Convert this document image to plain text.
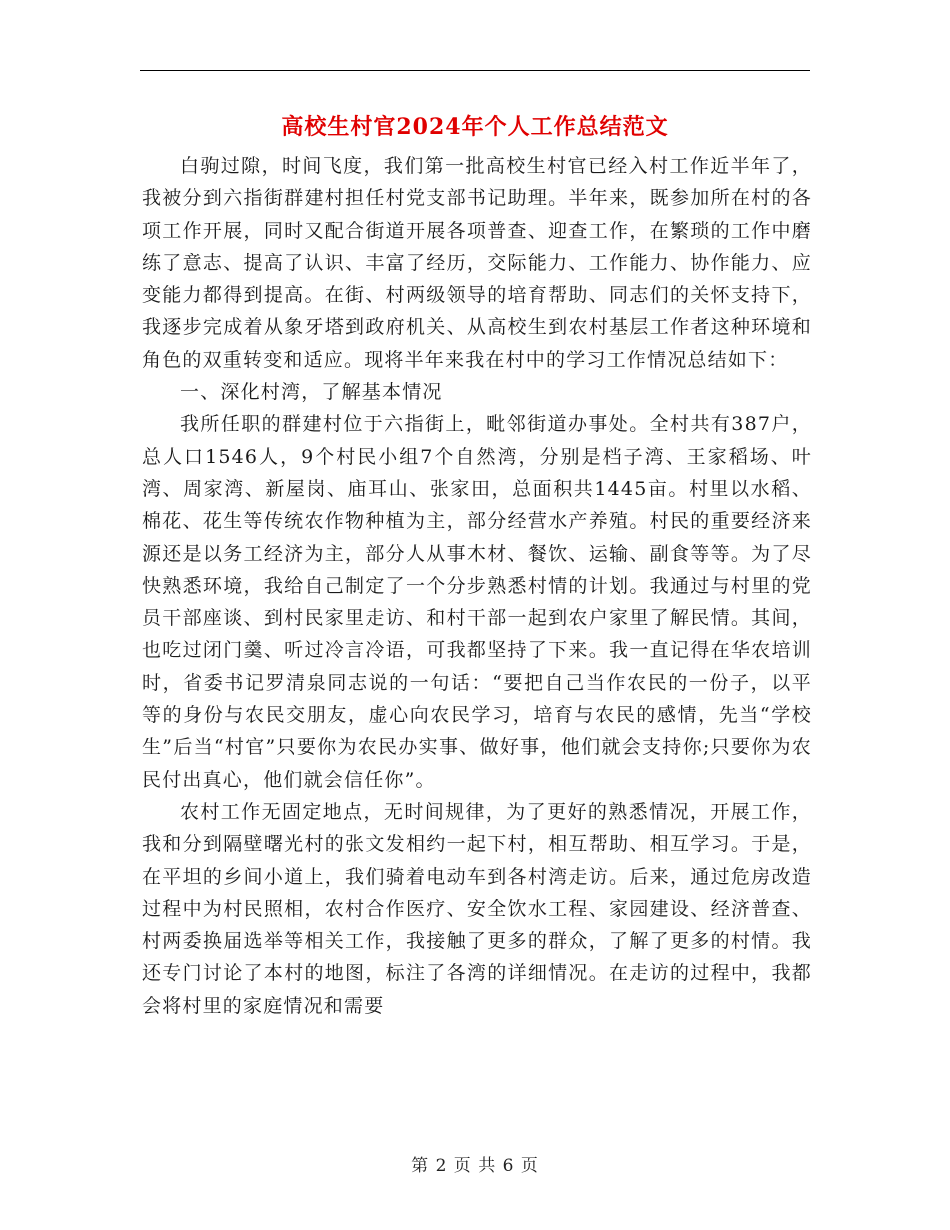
高校生村官2024年个人工作总结范文

白驹过隙，时间飞度，我们第一批高校生村官已经入村工作近半年了，我被分到六指街群建村担任村党支部书记助理。半年来，既参加所在村的各项工作开展，同时又配合街道开展各项普查、迎查工作，在繁琐的工作中磨练了意志、提高了认识、丰富了经历，交际能力、工作能力、协作能力、应变能力都得到提高。在街、村两级领导的培育帮助、同志们的关怀支持下，我逐步完成着从象牙塔到政府机关、从高校生到农村基层工作者这种环境和角色的双重转变和适应。现将半年来我在村中的学习工作情况总结如下：

一、深化村湾，了解基本情况

我所任职的群建村位于六指街上，毗邻街道办事处。全村共有387户，总人口1546人，9个村民小组7个自然湾，分别是档子湾、王家稻场、叶湾、周家湾、新屋岗、庙耳山、张家田，总面积共1445亩。村里以水稻、棉花、花生等传统农作物种植为主，部分经营水产养殖。村民的重要经济来源还是以务工经济为主，部分人从事木材、餐饮、运输、副食等等。为了尽快熟悉环境，我给自己制定了一个分步熟悉村情的计划。我通过与村里的党员干部座谈、到村民家里走访、和村干部一起到农户家里了解民情。其间，也吃过闭门羹、听过冷言冷语，可我都坚持了下来。我一直记得在华农培训时，省委书记罗清泉同志说的一句话：“要把自己当作农民的一份子，以平等的身份与农民交朋友，虚心向农民学习，培育与农民的感情，先当“学校生”后当“村官”只要你为农民办实事、做好事，他们就会支持你;只要你为农民付出真心，他们就会信任你”。

农村工作无固定地点，无时间规律，为了更好的熟悉情况，开展工作，我和分到隔壁曙光村的张文发相约一起下村，相互帮助、相互学习。于是，在平坦的乡间小道上，我们骑着电动车到各村湾走访。后来，通过危房改造过程中为村民照相，农村合作医疗、安全饮水工程、家园建设、经济普查、村两委换届选举等相关工作，我接触了更多的群众，了解了更多的村情。我还专门讨论了本村的地图，标注了各湾的详细情况。在走访的过程中，我都会将村里的家庭情况和需要

第 2 页 共 6 页
